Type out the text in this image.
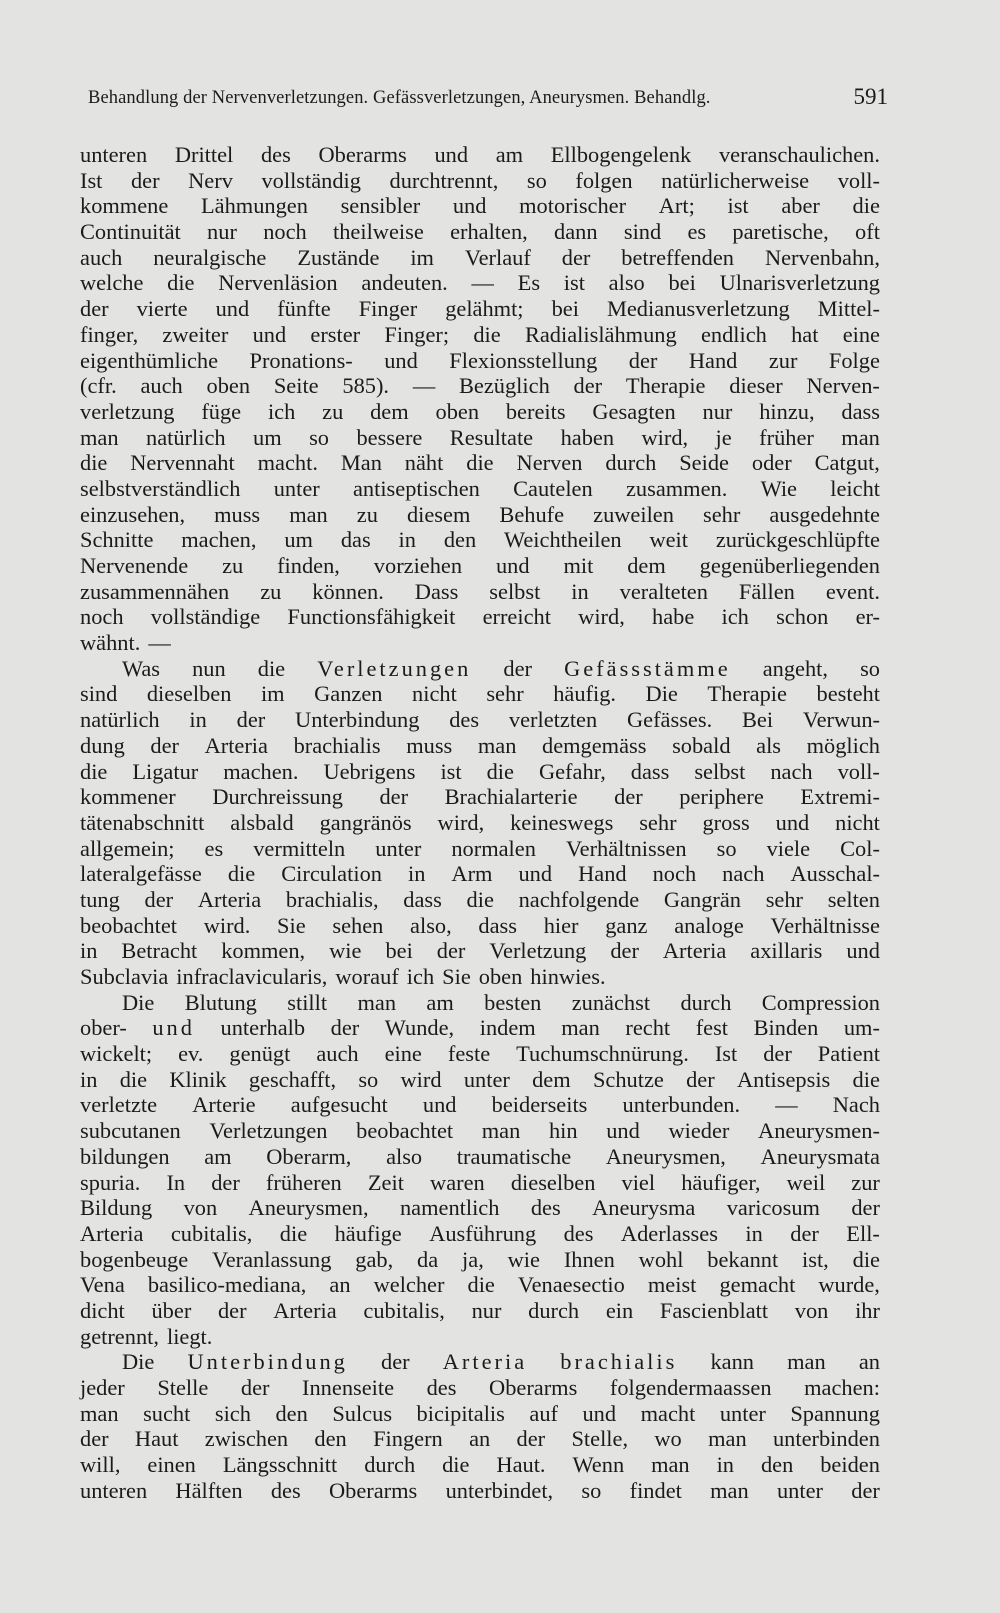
Behandlung der Nervenverletzungen. Gefässverletzungen, Aneurysmen. Behandlg.	591
unteren Drittel des Oberarms und am Ellbogengelenk veranschaulichen.
Ist der Nerv vollständig durchtrennt, so folgen natürlicherweise voll-
kommene Lähmungen sensibler und motorischer Art; ist aber die
Continuität nur noch theilweise erhalten, dann sind es paretische, oft
auch neuralgische Zustände im Verlauf der betreffenden Nervenbahn,
welche die Nervenläsion andeuten. — Es ist also bei Ulnarisverletzung
der vierte und fünfte Finger gelähmt; bei Medianusverletzung Mittel-
finger, zweiter und erster Finger; die Radialislähmung endlich hat eine
eigenthümliche Pronations- und Flexionsstellung der Hand zur Folge
(cfr. auch oben Seite 585). — Bezüglich der Therapie dieser Nerven-
verletzung füge ich zu dem oben bereits Gesagten nur hinzu, dass
man natürlich um so bessere Resultate haben wird, je früher man
die Nervennaht macht. Man näht die Nerven durch Seide oder Catgut,
selbstverständlich unter antiseptischen Cautelen zusammen. Wie leicht
einzusehen, muss man zu diesem Behufe zuweilen sehr ausgedehnte
Schnitte machen, um das in den Weichtheilen weit zurückgeschlüpfte
Nervenende zu finden, vorziehen und mit dem gegenüberliegenden
zusammennähen zu können. Dass selbst in veralteten Fällen event.
noch vollständige Functionsfähigkeit erreicht wird, habe ich schon er-
wähnt. —
Was nun die Verletzungen der Gefässstämme angeht, so
sind dieselben im Ganzen nicht sehr häufig. Die Therapie besteht
natürlich in der Unterbindung des verletzten Gefässes. Bei Verwun-
dung der Arteria brachialis muss man demgemäss sobald als möglich
die Ligatur machen. Uebrigens ist die Gefahr, dass selbst nach voll-
kommener Durchreissung der Brachialarterie der periphere Extremi-
tätenabschnitt alsbald gangränös wird, keineswegs sehr gross und nicht
allgemein; es vermitteln unter normalen Verhältnissen so viele Col-
lateralgefässe die Circulation in Arm und Hand noch nach Ausschal-
tung der Arteria brachialis, dass die nachfolgende Gangrän sehr selten
beobachtet wird. Sie sehen also, dass hier ganz analoge Verhältnisse
in Betracht kommen, wie bei der Verletzung der Arteria axillaris und
Subclavia infraclavicularis, worauf ich Sie oben hinwies.
Die Blutung stillt man am besten zunächst durch Compression
ober- und unterhalb der Wunde, indem man recht fest Binden um-
wickelt; ev. genügt auch eine feste Tuchumschnürung. Ist der Patient
in die Klinik geschafft, so wird unter dem Schutze der Antisepsis die
verletzte Arterie aufgesucht und beiderseits unterbunden. — Nach
subcutanen Verletzungen beobachtet man hin und wieder Aneurysmen-
bildungen am Oberarm, also traumatische Aneurysmen, Aneurysmata
spuria. In der früheren Zeit waren dieselben viel häufiger, weil zur
Bildung von Aneurysmen, namentlich des Aneurysma varicosum der
Arteria cubitalis, die häufige Ausführung des Aderlasses in der Ell-
bogenbeuge Veranlassung gab, da ja, wie Ihnen wohl bekannt ist, die
Vena basilico-mediana, an welcher die Venaesectio meist gemacht wurde,
dicht über der Arteria cubitalis, nur durch ein Fascienblatt von ihr
getrennt, liegt.
Die Unterbindung der Arteria brachialis kann man an
jeder Stelle der Innenseite des Oberarms folgendermaassen machen:
man sucht sich den Sulcus bicipitalis auf und macht unter Spannung
der Haut zwischen den Fingern an der Stelle, wo man unterbinden
will, einen Längsschnitt durch die Haut. Wenn man in den beiden
unteren Hälften des Oberarms unterbindet, so findet man unter der
